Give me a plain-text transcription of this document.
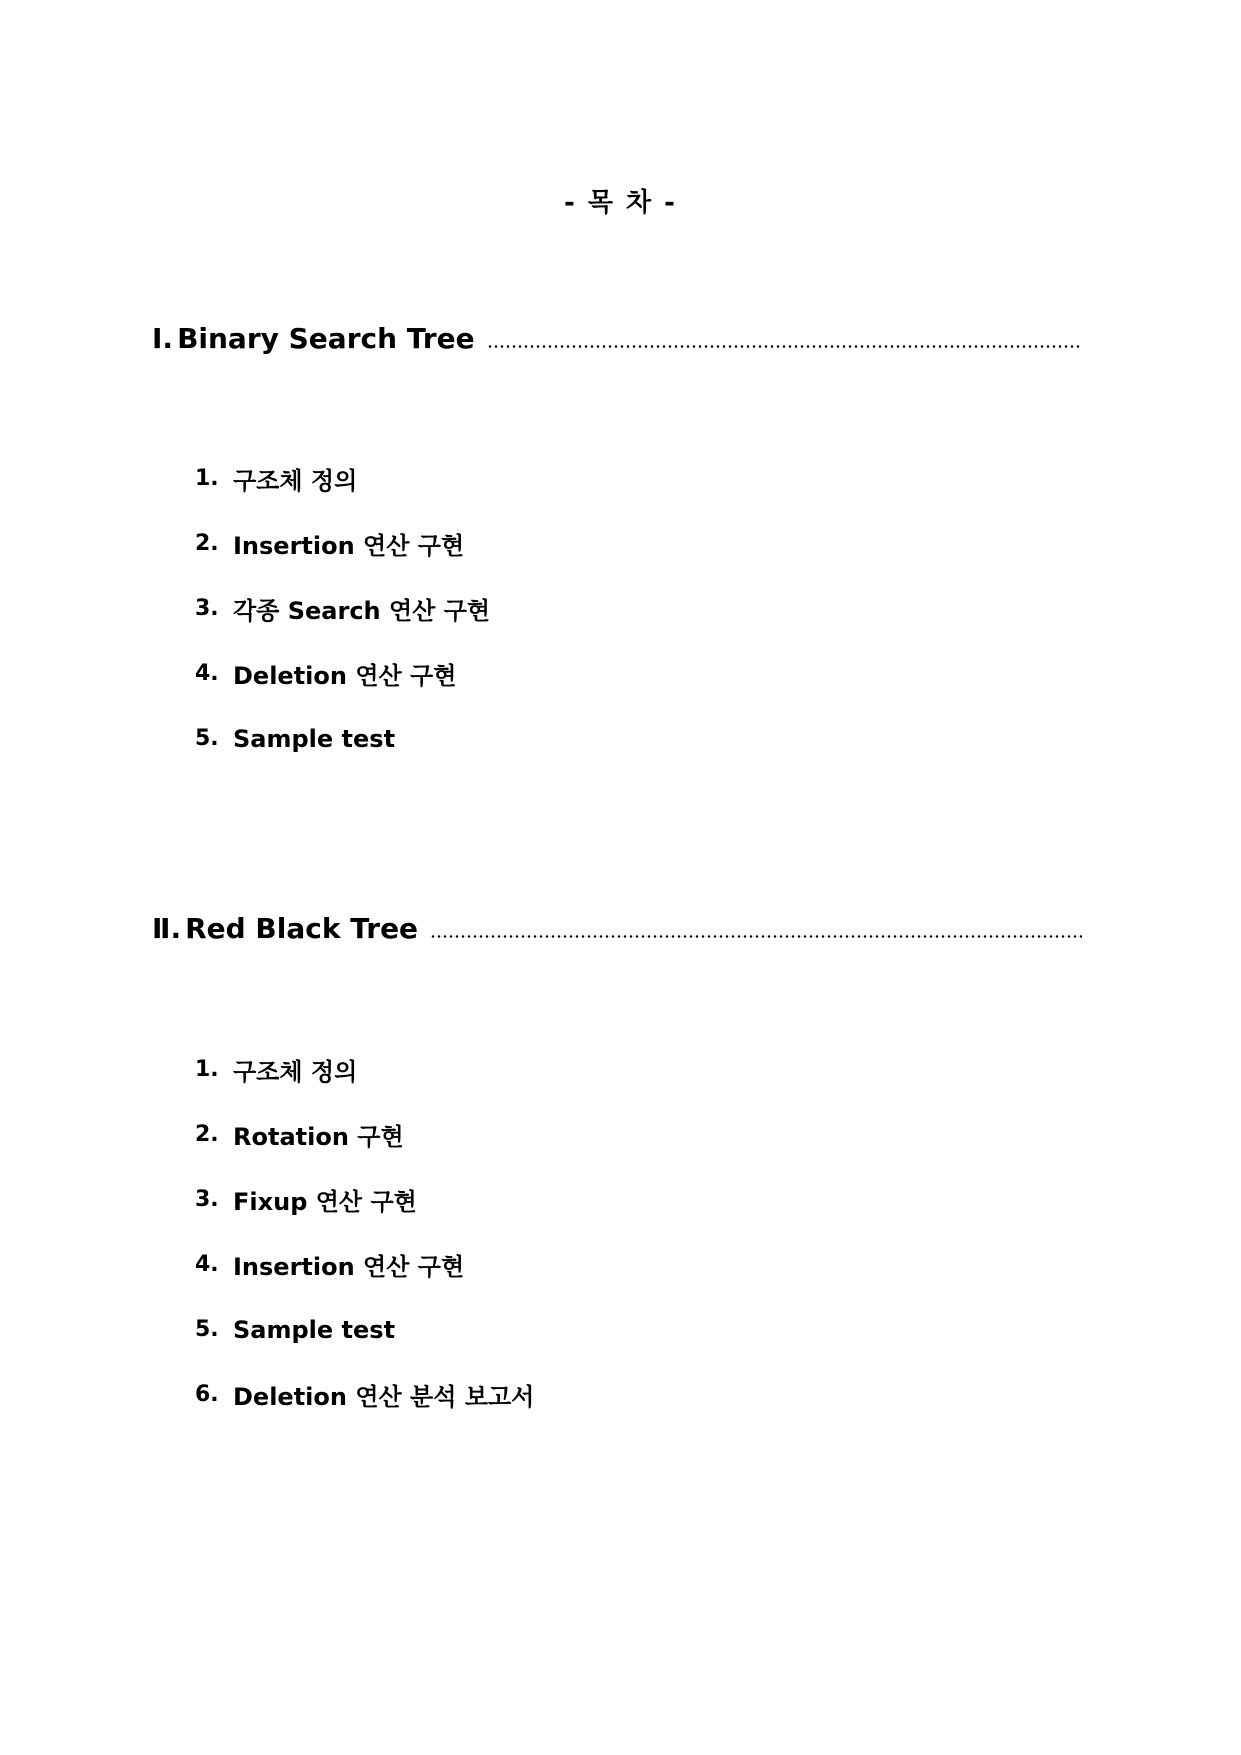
- 목 차 -
Ⅰ. Binary Search Tree
1. 구조체 정의
2. Insertion 연산 구현
3. 각종 Search 연산 구현
4. Deletion 연산 구현
5. Sample test
Ⅱ. Red Black Tree
1. 구조체 정의
2. Rotation 구현
3. Fixup 연산 구현
4. Insertion 연산 구현
5. Sample test
6. Deletion 연산 분석 보고서
